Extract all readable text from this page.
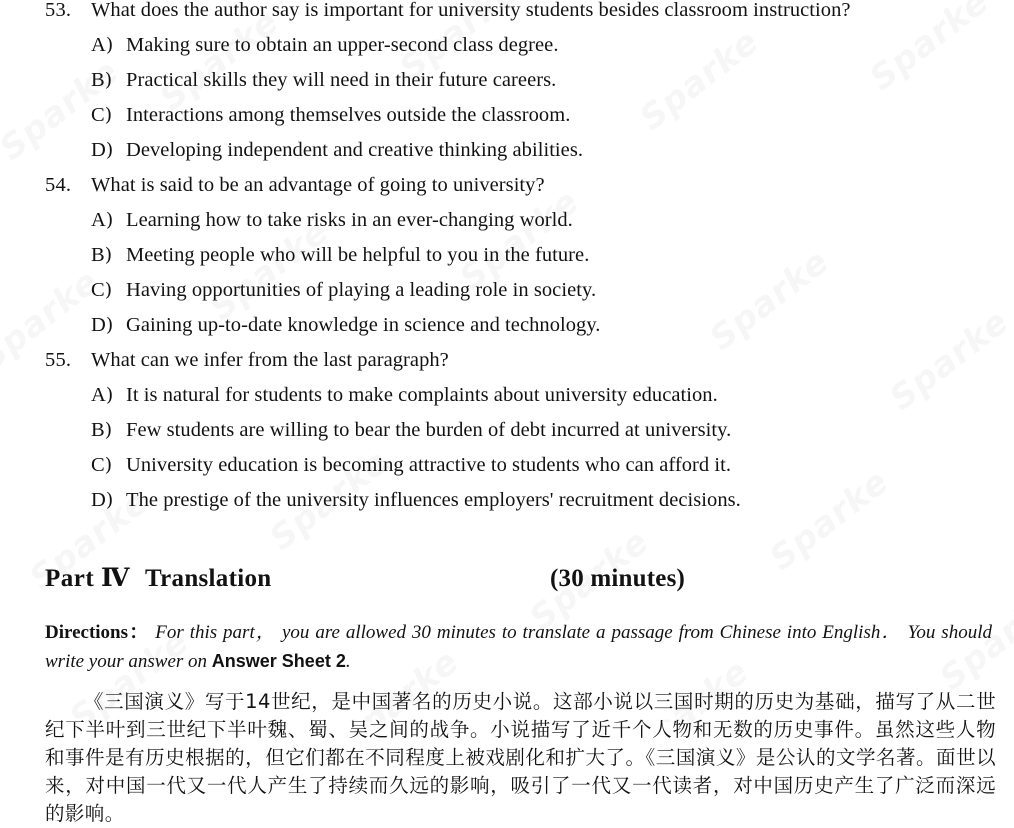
53. What does the author say is important for university students besides classroom instruction?
A) Making sure to obtain an upper-second class degree.
B) Practical skills they will need in their future careers.
C) Interactions among themselves outside the classroom.
D) Developing independent and creative thinking abilities.
54. What is said to be an advantage of going to university?
A) Learning how to take risks in an ever-changing world.
B) Meeting people who will be helpful to you in the future.
C) Having opportunities of playing a leading role in society.
D) Gaining up-to-date knowledge in science and technology.
55. What can we infer from the last paragraph?
A) It is natural for students to make complaints about university education.
B) Few students are willing to bear the burden of debt incurred at university.
C) University education is becoming attractive to students who can afford it.
D) The prestige of the university influences employers' recruitment decisions.
Part Ⅳ Translation	(30 minutes)
Directions： For this part， you are allowed 30 minutes to translate a passage from Chinese into English． You should write your answer on Answer Sheet 2.
《三国演义》写于14世纪，是中国著名的历史小说。这部小说以三国时期的历史为基础，描写了从二世纪下半叶到三世纪下半叶魏、蜀、吴之间的战争。小说描写了近千个人物和无数的历史事件。虽然这些人物和事件是有历史根据的，但它们都在不同程度上被戏剧化和扩大了。《三国演义》是公认的文学名著。面世以来，对中国一代又一代人产生了持续而久远的影响，吸引了一代又一代读者，对中国历史产生了广泛而深远的影响。
